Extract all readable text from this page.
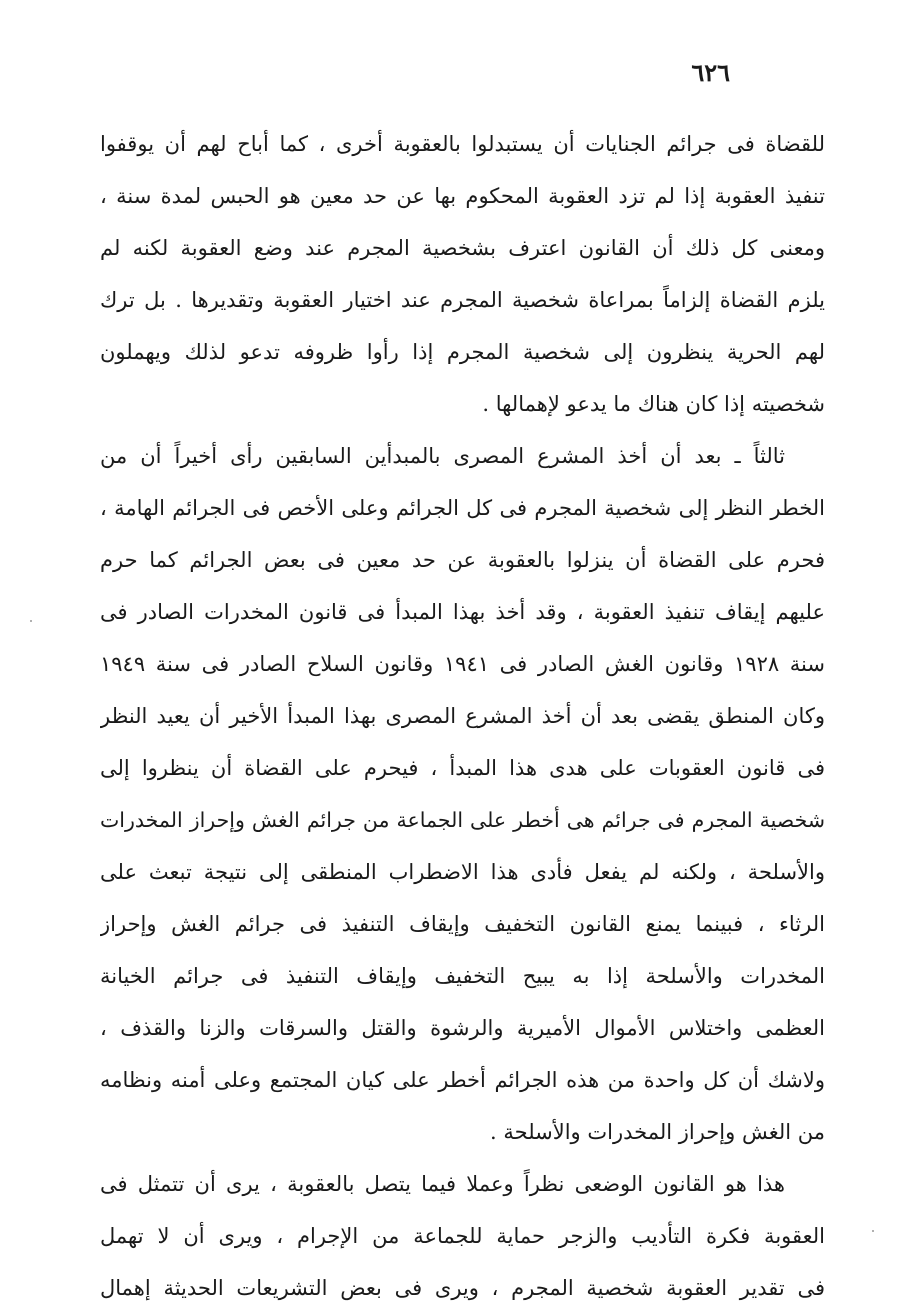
٦٢٦
للقضاة فى جرائم الجنايات أن يستبدلوا بالعقوبة أخرى ، كما أباح لهم أن يوقفوا
تنفيذ العقوبة إذا لم تزد العقوبة المحكوم بها عن حد معين هو الحبس لمدة سنة ،
ومعنى كل ذلك أن القانون اعترف بشخصية المجرم عند وضع العقوبة لكنه لم
يلزم القضاة إلزاماً بمراعاة شخصية المجرم عند اختيار العقوبة وتقديرها . بل ترك
لهم الحرية ينظرون إلى شخصية المجرم إذا رأوا ظروفه تدعو لذلك ويهملون
شخصيته إذا كان هناك ما يدعو لإهمالها .
ثالثاً ـ بعد أن أخذ المشرع المصرى بالمبدأين السابقين رأى أخيراً أن من
الخطر النظر إلى شخصية المجرم فى كل الجرائم وعلى الأخص فى الجرائم الهامة ،
فحرم على القضاة أن ينزلوا بالعقوبة عن حد معين فى بعض الجرائم كما حرم
عليهم إيقاف تنفيذ العقوبة ، وقد أخذ بهذا المبدأ فى قانون المخدرات الصادر فى
سنة ١٩٢٨ وقانون الغش الصادر فى ١٩٤١ وقانون السلاح الصادر فى سنة ١٩٤٩
وكان المنطق يقضى بعد أن أخذ المشرع المصرى بهذا المبدأ الأخير أن يعيد النظر
فى قانون العقوبات على هدى هذا المبدأ ، فيحرم على القضاة أن ينظروا إلى
شخصية المجرم فى جرائم هى أخطر على الجماعة من جرائم الغش وإحراز المخدرات
والأسلحة ، ولكنه لم يفعل فأدى هذا الاضطراب المنطقى إلى نتيجة تبعث على
الرثاء ، فبينما يمنع القانون التخفيف وإيقاف التنفيذ فى جرائم الغش وإحراز
المخدرات والأسلحة إذا به يبيح التخفيف وإيقاف التنفيذ فى جرائم الخيانة
العظمى واختلاس الأموال الأميرية والرشوة والقتل والسرقات والزنا والقذف ،
ولاشك أن كل واحدة من هذه الجرائم أخطر على كيان المجتمع وعلى أمنه ونظامه
من الغش وإحراز المخدرات والأسلحة .
هذا هو القانون الوضعى نظراً وعملا فيما يتصل بالعقوبة ، يرى أن تتمثل فى
العقوبة فكرة التأديب والزجر حماية للجماعة من الإجرام ، ويرى أن لا تهمل
فى تقدير العقوبة شخصية المجرم ، ويرى فى بعض التشريعات الحديثة إهمال
